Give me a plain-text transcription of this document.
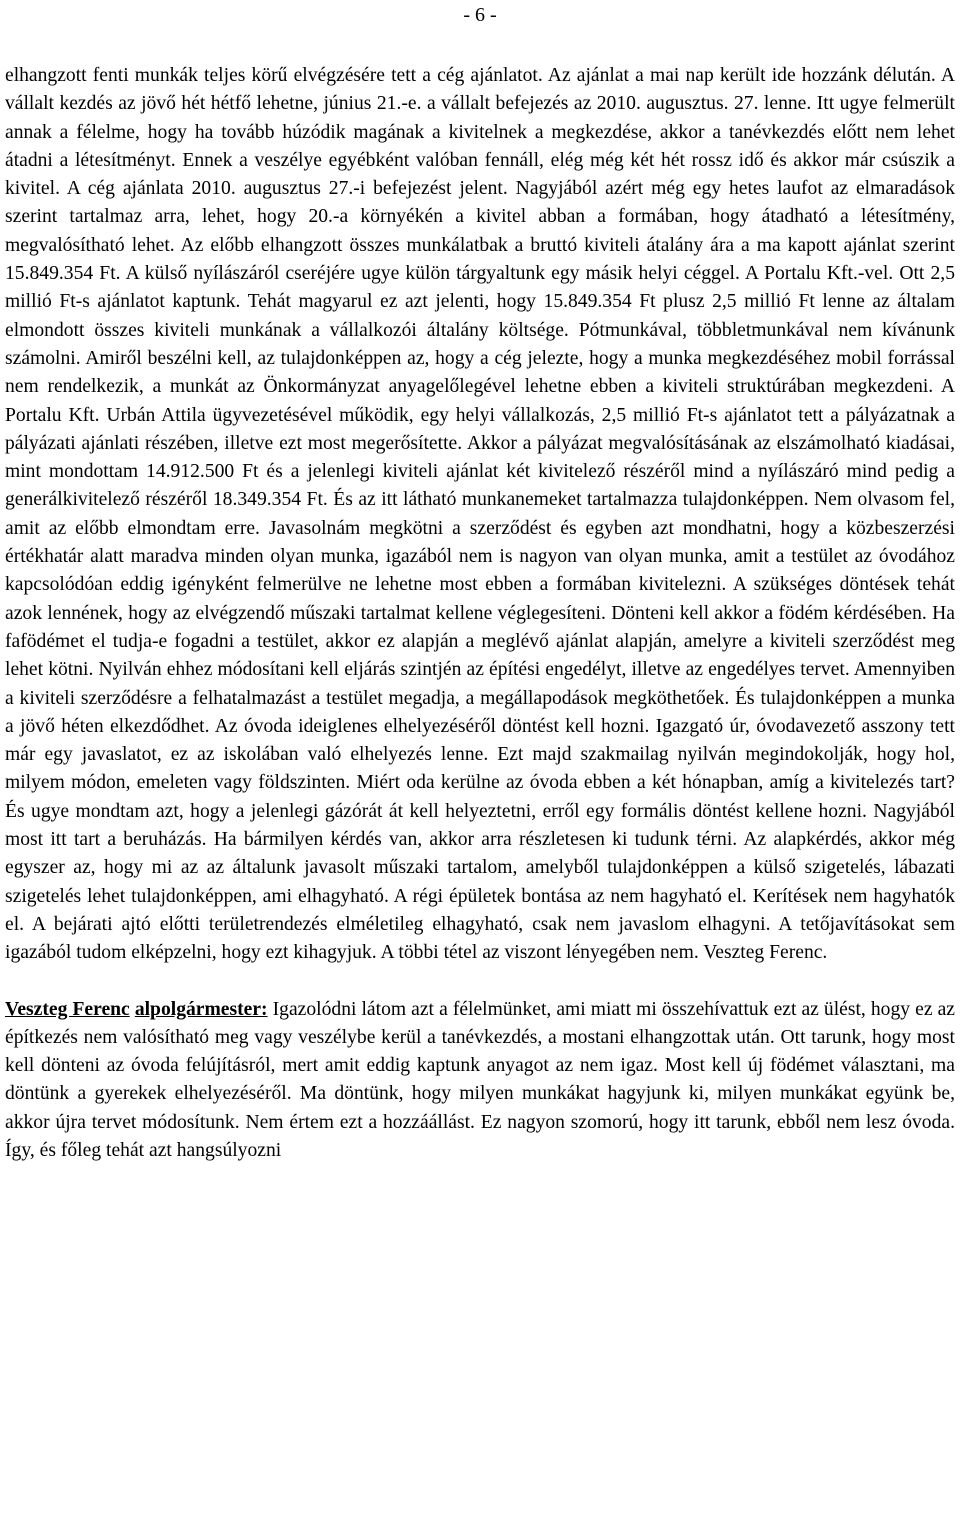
- 6 -

elhangzott fenti munkák teljes körű elvégzésére tett a cég ajánlatot. Az ajánlat a mai nap került ide hozzánk délután. A vállalt kezdés az jövő hét hétfő lehetne, június 21.-e. a vállalt befejezés az 2010. augusztus. 27. lenne. Itt ugye felmerült annak a félelme, hogy ha tovább húzódik magának a kivitelnek a megkezdése, akkor a tanévkezdés előtt nem lehet átadni a létesítményt. Ennek a veszélye egyébként valóban fennáll, elég még két hét rossz idő és akkor már csúszik a kivitel. A cég ajánlata 2010. augusztus 27.-i befejezést jelent. Nagyjából azért még egy hetes laufot az elmaradások szerint tartalmaz arra, lehet, hogy 20.-a környékén a kivitel abban a formában, hogy átadható a létesítmény, megvalósítható lehet. Az előbb elhangzott összes munkálatbak a bruttó kiviteli átalány ára a ma kapott ajánlat szerint 15.849.354 Ft. A külső nyílászáról cseréjére ugye külön tárgyaltunk egy másik helyi céggel. A Portalu Kft.-vel. Ott 2,5 millió Ft-s ajánlatot kaptunk. Tehát magyarul ez azt jelenti, hogy 15.849.354 Ft plusz 2,5 millió Ft lenne az általam elmondott összes kiviteli munkának a vállalkozói általány költsége. Pótmunkával, többletmunkával nem kívánunk számolni. Amiről beszélni kell, az tulajdonképpen az, hogy a cég jelezte, hogy a munka megkezdéséhez mobil forrással nem rendelkezik, a munkát az Önkormányzat anyagelőlegével lehetne ebben a kiviteli struktúrában megkezdeni. A Portalu Kft. Urbán Attila ügyvezetésével működik, egy helyi vállalkozás, 2,5 millió Ft-s ajánlatot tett a pályázatnak a pályázati ajánlati részében, illetve ezt most megerősítette. Akkor a pályázat megvalósításának az elszámolható kiadásai, mint mondottam 14.912.500 Ft és a jelenlegi kiviteli ajánlat két kivitelező részéről mind a nyílászáró mind pedig a generálkivitelező részéről 18.349.354 Ft. És az itt látható munkanemeket tartalmazza tulajdonképpen. Nem olvasom fel, amit az előbb elmondtam erre. Javasolnám megkötni a szerződést és egyben azt mondhatni, hogy a közbeszerzési értékhatár alatt maradva minden olyan munka, igazából nem is nagyon van olyan munka, amit a testület az óvodához kapcsolódóan eddig igényként felmerülve ne lehetne most ebben a formában kivitelezni. A szükséges döntések tehát azok lennének, hogy az elvégzendő műszaki tartalmat kellene véglegesíteni. Dönteni kell akkor a födém kérdésében. Ha fafödémet el tudja-e fogadni a testület, akkor ez alapján a meglévő ajánlat alapján, amelyre a kiviteli szerződést meg lehet kötni. Nyilván ehhez módosítani kell eljárás szintjén az építési engedélyt, illetve az engedélyes tervet. Amennyiben a kiviteli szerződésre a felhatalmazást a testület megadja, a megállapodások megköthetőek. És tulajdonképpen a munka a jövő héten elkezdődhet. Az óvoda ideiglenes elhelyezéséről döntést kell hozni. Igazgató úr, óvodavezető asszony tett már egy javaslatot, ez az iskolában való elhelyezés lenne. Ezt majd szakmailag nyilván megindokolják, hogy hol, milyem módon, emeleten vagy földszinten. Miért oda kerülne az óvoda ebben a két hónapban, amíg a kivitelezés tart? És ugye mondtam azt, hogy a jelenlegi gázórát át kell helyeztetni, erről egy formális döntést kellene hozni. Nagyjából most itt tart a beruházás. Ha bármilyen kérdés van, akkor arra részletesen ki tudunk térni. Az alapkérdés, akkor még egyszer az, hogy mi az az általunk javasolt műszaki tartalom, amelyből tulajdonképpen a külső szigetelés, lábazati szigetelés lehet tulajdonképpen, ami elhagyható. A régi épületek bontása az nem hagyható el. Kerítések nem hagyhatók el. A bejárati ajtó előtti területrendezés elméletileg elhagyható, csak nem javaslom elhagyni. A tetőjavításokat sem igazából tudom elképzelni, hogy ezt kihagyjuk. A többi tétel az viszont lényegében nem. Veszteg Ferenc.

Veszteg Ferenc alpolgármester: Igazolódni látom azt a félelmünket, ami miatt mi összehívattuk ezt az ülést, hogy ez az építkezés nem valósítható meg vagy veszélybe kerül a tanévkezdés, a mostani elhangzottak után. Ott tarunk, hogy most kell dönteni az óvoda felújításról, mert amit eddig kaptunk anyagot az nem igaz. Most kell új födémet választani, ma döntünk a gyerekek elhelyezéséről. Ma döntünk, hogy milyen munkákat hagyjunk ki, milyen munkákat együnk be, akkor újra tervet módosítunk. Nem értem ezt a hozzáállást. Ez nagyon szomorú, hogy itt tarunk, ebből nem lesz óvoda. Így, és főleg tehát azt hangsúlyozni
